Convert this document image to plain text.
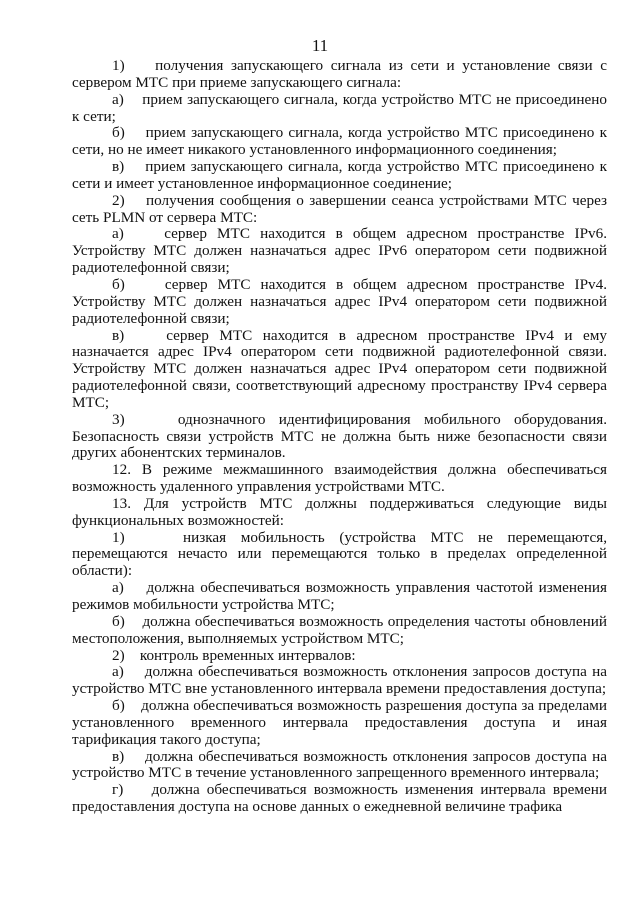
11

1)    получения запускающего сигнала из сети и установление связи с сервером МТС при приеме запускающего сигнала:

а)    прием запускающего сигнала, когда устройство МТС не присоединено к сети;

б)    прием запускающего сигнала, когда устройство МТС присоединено к сети, но не имеет никакого установленного информационного соединения;

в)    прием запускающего сигнала, когда устройство МТС присоединено к сети и имеет установленное информационное соединение;

2)    получения сообщения о завершении сеанса устройствами МТС через сеть PLMN от сервера МТС:

а)    сервер МТС находится в общем адресном пространстве IPv6. Устройству МТС должен назначаться адрес IPv6 оператором сети подвижной радиотелефонной связи;

б)    сервер МТС находится в общем адресном пространстве IPv4. Устройству МТС должен назначаться адрес IPv4 оператором сети подвижной радиотелефонной связи;

в)    сервер МТС находится в адресном пространстве IPv4 и ему назначается адрес IPv4 оператором сети подвижной радиотелефонной связи. Устройству МТС должен назначаться адрес IPv4 оператором сети подвижной радиотелефонной связи, соответствующий адресному пространству IPv4 сервера МТС;

3)    однозначного идентифицирования мобильного оборудования. Безопасность связи устройств МТС не должна быть ниже безопасности связи других абонентских терминалов.

12. В режиме межмашинного взаимодействия должна обеспечиваться возможность удаленного управления устройствами МТС.

13. Для устройств МТС должны поддерживаться следующие виды функциональных возможностей:

1)    низкая мобильность (устройства МТС не перемещаются, перемещаются нечасто или перемещаются только в пределах определенной области):

а)    должна обеспечиваться возможность управления частотой изменения режимов мобильности устройства МТС;

б)    должна обеспечиваться возможность определения частоты обновлений местоположения, выполняемых устройством МТС;

2)    контроль временных интервалов:

а)    должна обеспечиваться возможность отклонения запросов доступа на устройство МТС вне установленного интервала времени предоставления доступа;

б)    должна обеспечиваться возможность разрешения доступа за пределами установленного временного интервала предоставления доступа и иная тарификация такого доступа;

в)    должна обеспечиваться возможность отклонения запросов доступа на устройство МТС в течение установленного запрещенного временного интервала;

г)    должна обеспечиваться возможность изменения интервала времени предоставления доступа на основе данных о ежедневной величине трафика
